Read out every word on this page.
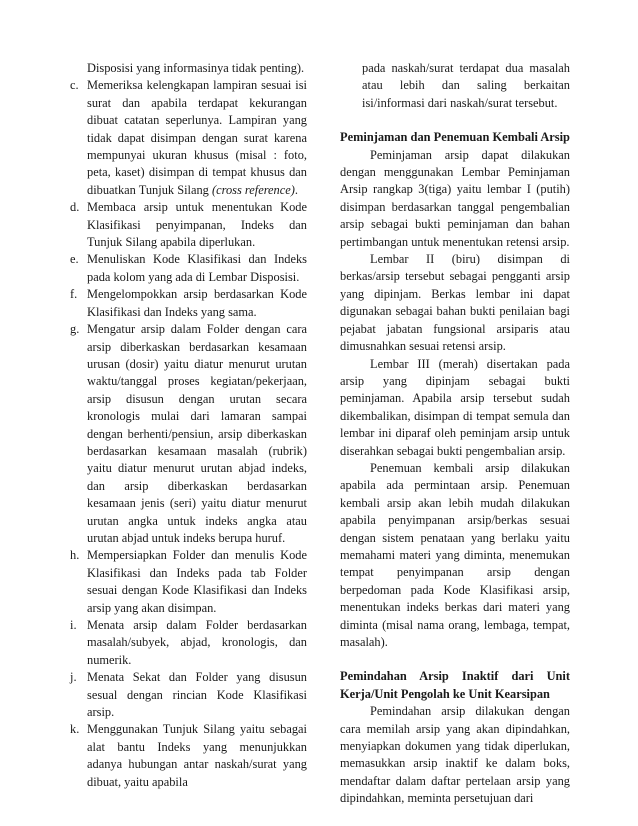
Disposisi yang informasinya tidak penting).

c. Memeriksa kelengkapan lampiran sesuai isi surat dan apabila terdapat kekurangan dibuat catatan seperlunya. Lampiran yang tidak dapat disimpan dengan surat karena mempunyai ukuran khusus (misal : foto, peta, kaset) disimpan di tempat khusus dan dibuatkan Tunjuk Silang (cross reference).
d. Membaca arsip untuk menentukan Kode Klasifikasi penyimpanan, Indeks dan Tunjuk Silang apabila diperlukan.
e. Menuliskan Kode Klasifikasi dan Indeks pada kolom yang ada di Lembar Disposisi.
f. Mengelompokkan arsip berdasarkan Kode Klasifikasi dan Indeks yang sama.
g. Mengatur arsip dalam Folder dengan cara arsip diberkaskan berdasarkan kesamaan urusan (dosir) yaitu diatur menurut urutan waktu/tanggal proses kegiatan/pekerjaan, arsip disusun dengan urutan secara kronologis mulai dari lamaran sampai dengan berhenti/pensiun, arsip diberkaskan berdasarkan kesamaan masalah (rubrik) yaitu diatur menurut urutan abjad indeks, dan arsip diberkaskan berdasarkan kesamaan jenis (seri) yaitu diatur menurut urutan angka untuk indeks angka atau urutan abjad untuk indeks berupa huruf.
h. Mempersiapkan Folder dan menulis Kode Klasifikasi dan Indeks pada tab Folder sesuai dengan Kode Klasifikasi dan Indeks arsip yang akan disimpan.
i. Menata arsip dalam Folder berdasarkan masalah/subyek, abjad, kronologis, dan numerik.
j. Menata Sekat dan Folder yang disusun sesual dengan rincian Kode Klasifikasi arsip.
k. Menggunakan Tunjuk Silang yaitu sebagai alat bantu Indeks yang menunjukkan adanya hubungan antar naskah/surat yang dibuat, yaitu apabila

pada naskah/surat terdapat dua masalah atau lebih dan saling berkaitan isi/informasi dari naskah/surat tersebut.

Peminjaman dan Penemuan Kembali Arsip

Peminjaman arsip dapat dilakukan dengan menggunakan Lembar Peminjaman Arsip rangkap 3(tiga) yaitu lembar I (putih) disimpan berdasarkan tanggal pengembalian arsip sebagai bukti peminjaman dan bahan pertimbangan untuk menentukan retensi arsip.

Lembar II (biru) disimpan di berkas/arsip tersebut sebagai pengganti arsip yang dipinjam. Berkas lembar ini dapat digunakan sebagai bahan bukti penilaian bagi pejabat jabatan fungsional arsiparis atau dimusnahkan sesuai retensi arsip.

Lembar III (merah) disertakan pada arsip yang dipinjam sebagai bukti peminjaman. Apabila arsip tersebut sudah dikembalikan, disimpan di tempat semula dan lembar ini diparaf oleh peminjam arsip untuk diserahkan sebagai bukti pengembalian arsip.

Penemuan kembali arsip dilakukan apabila ada permintaan arsip. Penemuan kembali arsip akan lebih mudah dilakukan apabila penyimpanan arsip/berkas sesuai dengan sistem penataan yang berlaku yaitu memahami materi yang diminta, menemukan tempat penyimpanan arsip dengan berpedoman pada Kode Klasifikasi arsip, menentukan indeks berkas dari materi yang diminta (misal nama orang, lembaga, tempat, masalah).

Pemindahan Arsip Inaktif dari Unit Kerja/Unit Pengolah ke Unit Kearsipan

Pemindahan arsip dilakukan dengan cara memilah arsip yang akan dipindahkan, menyiapkan dokumen yang tidak diperlukan, memasukkan arsip inaktif ke dalam boks, mendaftar dalam daftar pertelaan arsip yang dipindahkan, meminta persetujuan dari
